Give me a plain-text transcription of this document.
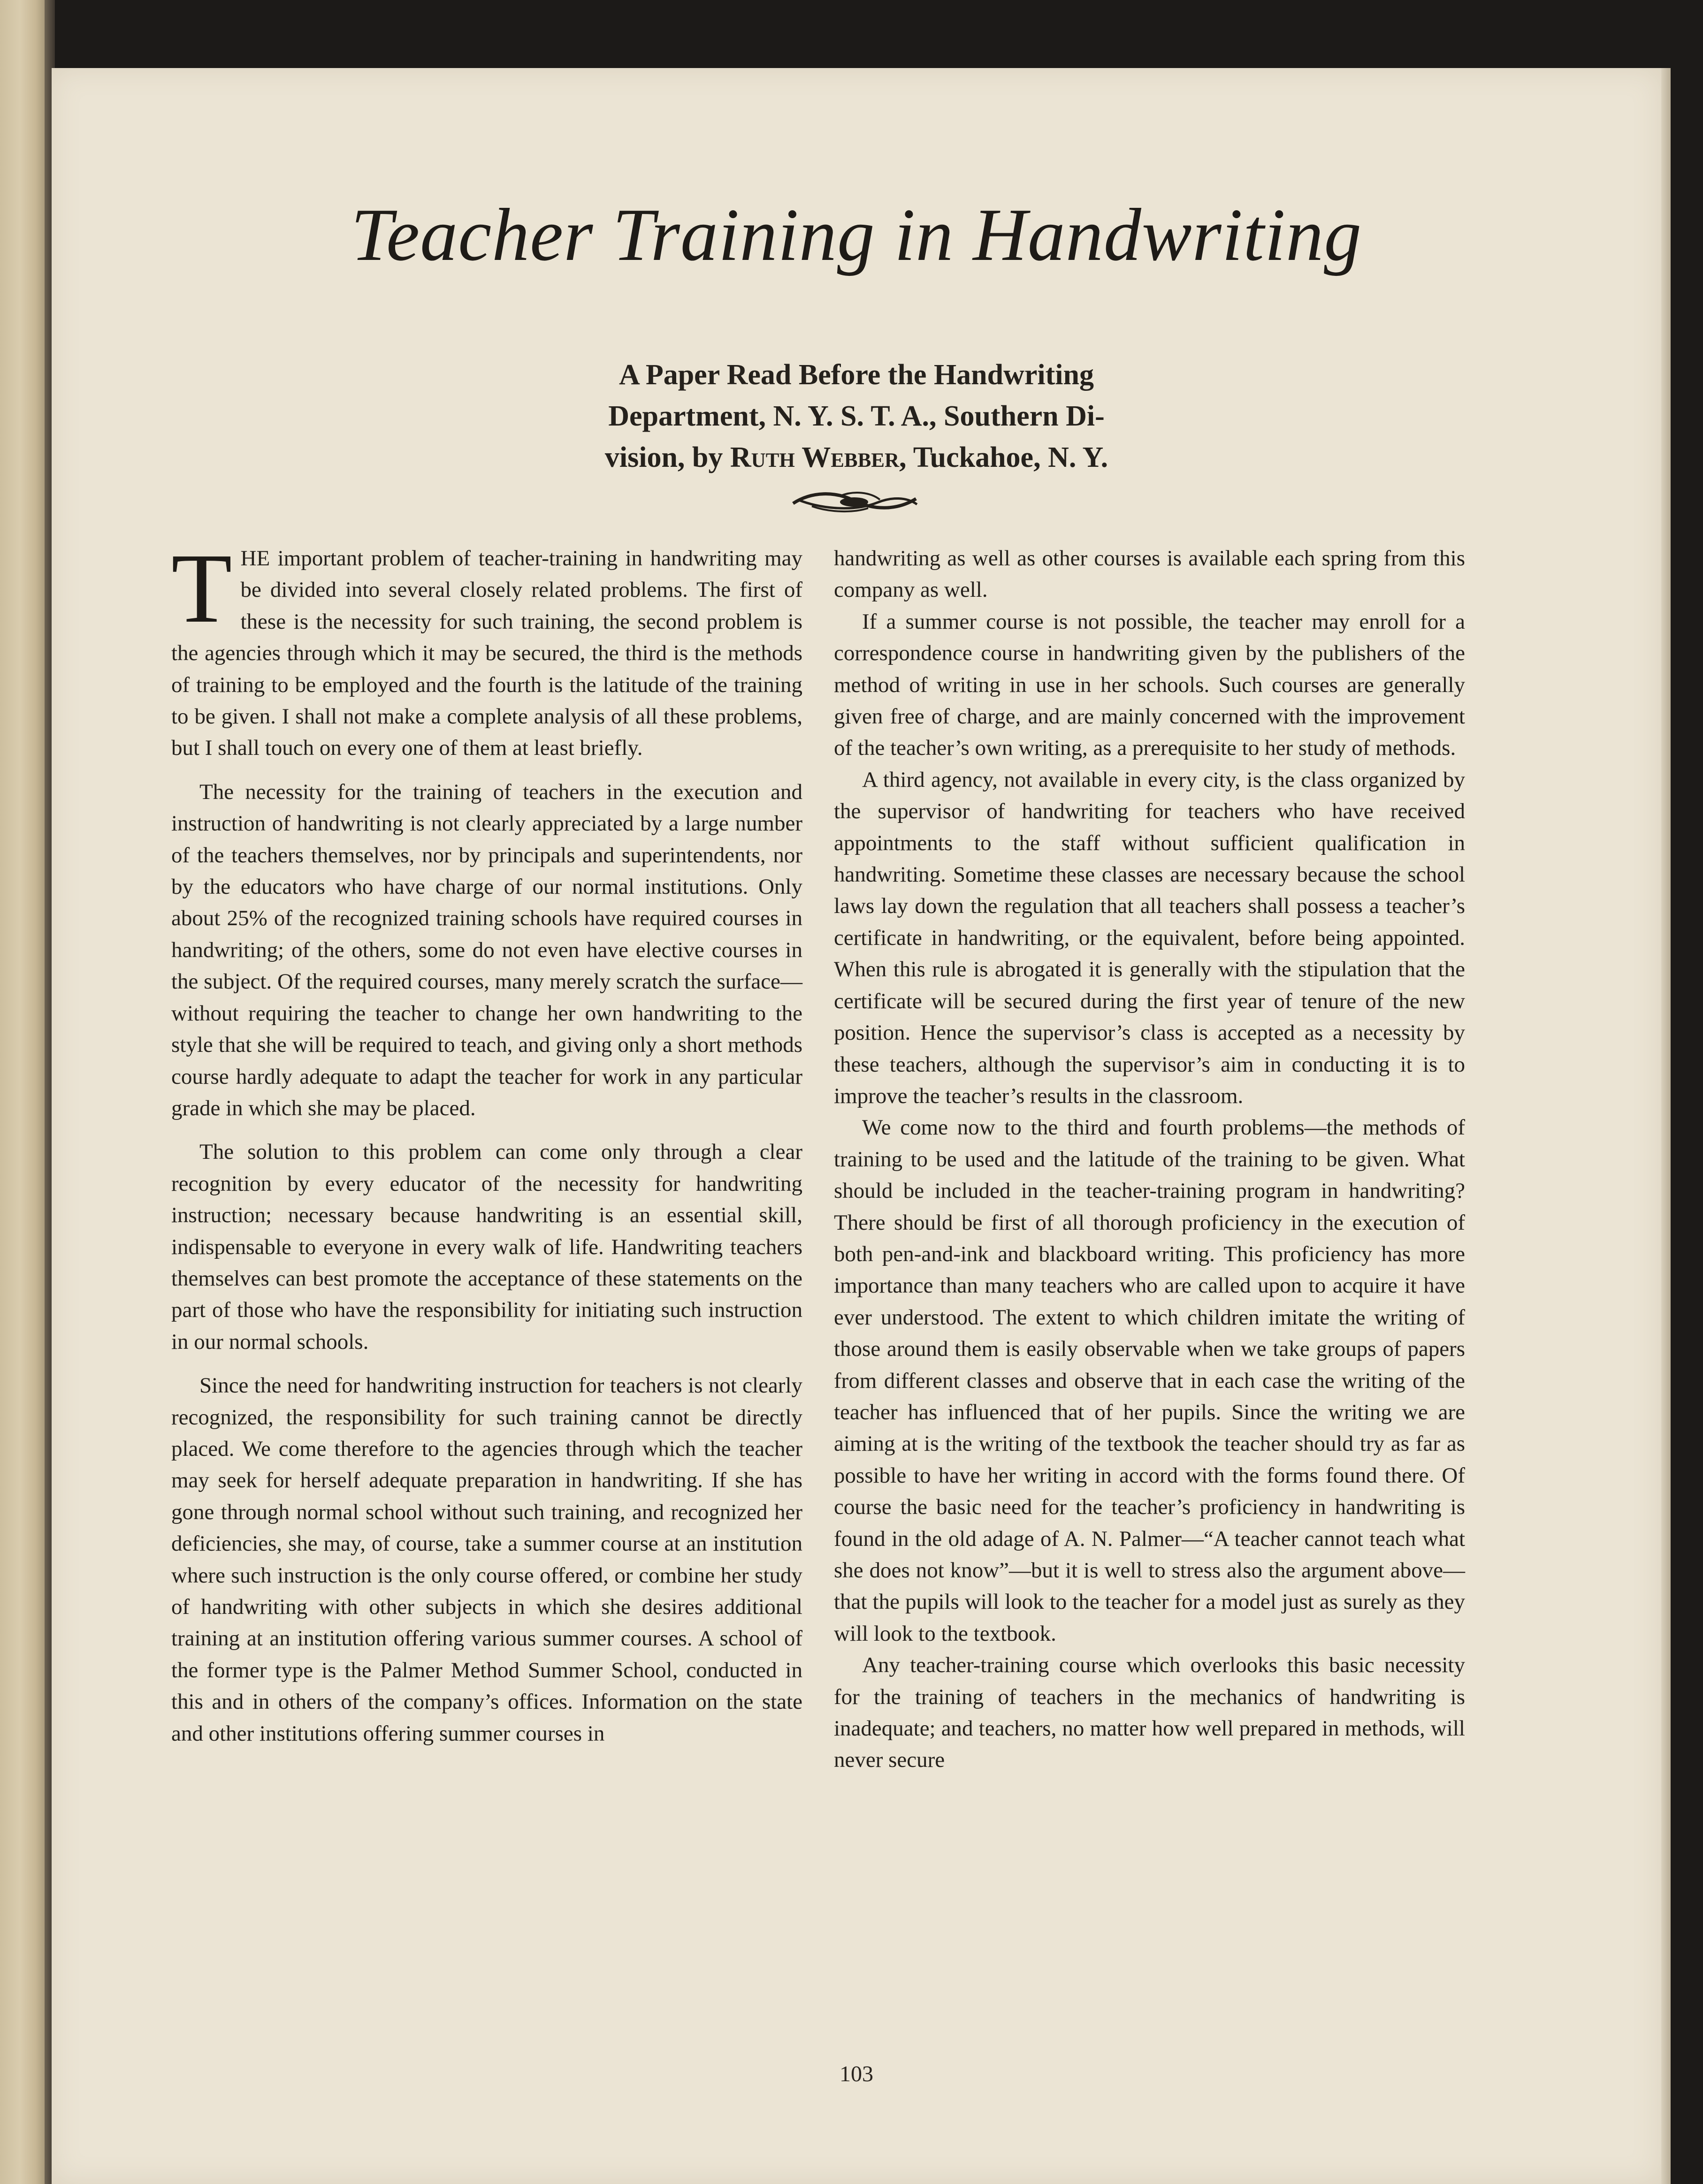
Teacher Training in Handwriting
A Paper Read Before the Handwriting
Department, N. Y. S. T. A., Southern Di-
vision, by Ruth Webber, Tuckahoe, N. Y.

THE important problem of teacher-training in handwriting may be divided into several closely related problems. The first of these is the necessity for such training, the second problem is the agencies through which it may be secured, the third is the methods of training to be employed and the fourth is the latitude of the training to be given. I shall not make a complete analysis of all these problems, but I shall touch on every one of them at least briefly.

The necessity for the training of teachers in the execution and instruction of handwriting is not clearly appreciated by a large number of the teachers themselves, nor by principals and superintendents, nor by the educators who have charge of our normal institutions. Only about 25% of the recognized training schools have required courses in handwriting; of the others, some do not even have elective courses in the subject. Of the required courses, many merely scratch the surface—without requiring the teacher to change her own handwriting to the style that she will be required to teach, and giving only a short methods course hardly adequate to adapt the teacher for work in any particular grade in which she may be placed.

The solution to this problem can come only through a clear recognition by every educator of the necessity for handwriting instruction; necessary because handwriting is an essential skill, indispensable to everyone in every walk of life. Handwriting teachers themselves can best promote the acceptance of these statements on the part of those who have the responsibility for initiating such instruction in our normal schools.

Since the need for handwriting instruction for teachers is not clearly recognized, the responsibility for such training cannot be directly placed. We come therefore to the agencies through which the teacher may seek for herself adequate preparation in handwriting. If she has gone through normal school without such training, and recognized her deficiencies, she may, of course, take a summer course at an institution where such instruction is the only course offered, or combine her study of handwriting with other subjects in which she desires additional training at an institution offering various summer courses. A school of the former type is the Palmer Method Summer School, conducted in this and in others of the company’s offices. Information on the state and other institutions offering summer courses in

handwriting as well as other courses is available each spring from this company as well.

If a summer course is not possible, the teacher may enroll for a correspondence course in handwriting given by the publishers of the method of writing in use in her schools. Such courses are generally given free of charge, and are mainly concerned with the improvement of the teacher’s own writing, as a prerequisite to her study of methods.

A third agency, not available in every city, is the class organized by the supervisor of handwriting for teachers who have received appointments to the staff without sufficient qualification in handwriting. Sometime these classes are necessary because the school laws lay down the regulation that all teachers shall possess a teacher’s certificate in handwriting, or the equivalent, before being appointed. When this rule is abrogated it is generally with the stipulation that the certificate will be secured during the first year of tenure of the new position. Hence the supervisor’s class is accepted as a necessity by these teachers, although the supervisor’s aim in conducting it is to improve the teacher’s results in the classroom.

We come now to the third and fourth problems—the methods of training to be used and the latitude of the training to be given. What should be included in the teacher-training program in handwriting? There should be first of all thorough proficiency in the execution of both pen-and-ink and blackboard writing. This proficiency has more importance than many teachers who are called upon to acquire it have ever understood. The extent to which children imitate the writing of those around them is easily observable when we take groups of papers from different classes and observe that in each case the writing of the teacher has influenced that of her pupils. Since the writing we are aiming at is the writing of the textbook the teacher should try as far as possible to have her writing in accord with the forms found there. Of course the basic need for the teacher’s proficiency in handwriting is found in the old adage of A. N. Palmer—“A teacher cannot teach what she does not know”—but it is well to stress also the argument above—that the pupils will look to the teacher for a model just as surely as they will look to the textbook.

Any teacher-training course which overlooks this basic necessity for the training of teachers in the mechanics of handwriting is inadequate; and teachers, no matter how well prepared in methods, will never secure

103
